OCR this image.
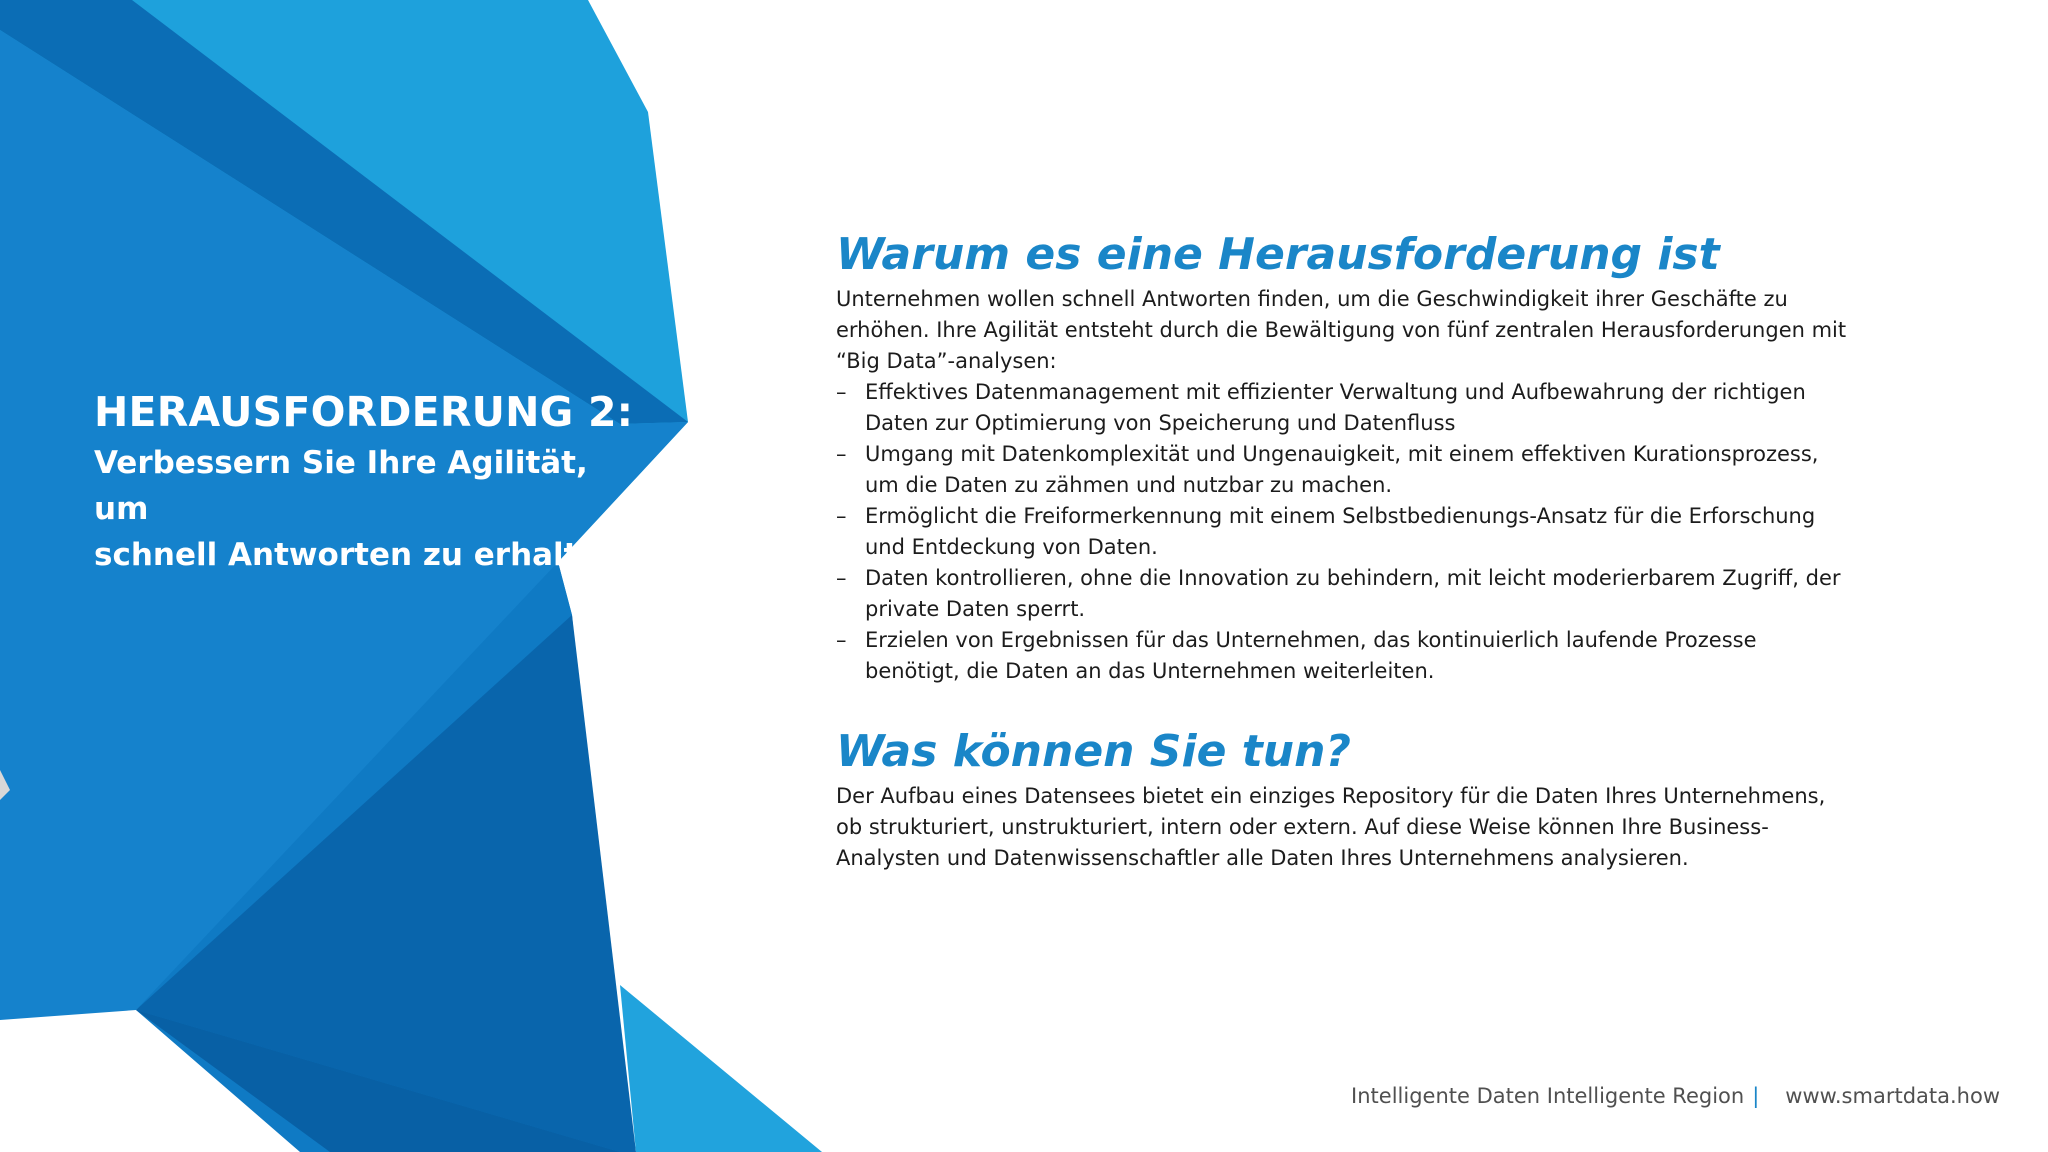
HERAUSFORDERUNG 2:
Verbessern Sie Ihre Agilität, um
schnell Antworten zu erhalten.
Warum es eine Herausforderung ist

Unternehmen wollen schnell Antworten finden, um die Geschwindigkeit ihrer Geschäfte zu erhöhen. Ihre Agilität entsteht durch die Bewältigung von fünf zentralen Herausforderungen mit “Big Data”-analysen:

– Effektives Datenmanagement mit effizienter Verwaltung und Aufbewahrung der richtigen Daten zur Optimierung von Speicherung und Datenfluss
– Umgang mit Datenkomplexität und Ungenauigkeit, mit einem effektiven Kurationsprozess, um die Daten zu zähmen und nutzbar zu machen.
– Ermöglicht die Freiformerkennung mit einem Selbstbedienungs-Ansatz für die Erforschung und Entdeckung von Daten.
– Daten kontrollieren, ohne die Innovation zu behindern, mit leicht moderierbarem Zugriff, der private Daten sperrt.
– Erzielen von Ergebnissen für das Unternehmen, das kontinuierlich laufende Prozesse benötigt, die Daten an das Unternehmen weiterleiten.
Was können Sie tun?

Der Aufbau eines Datensees bietet ein einziges Repository für die Daten Ihres Unternehmens, ob strukturiert, unstrukturiert, intern oder extern. Auf diese Weise können Ihre Business-Analysten und Datenwissenschaftler alle Daten Ihres Unternehmens analysieren.

Intelligente Daten Intelligente Region | www.smartdata.how
